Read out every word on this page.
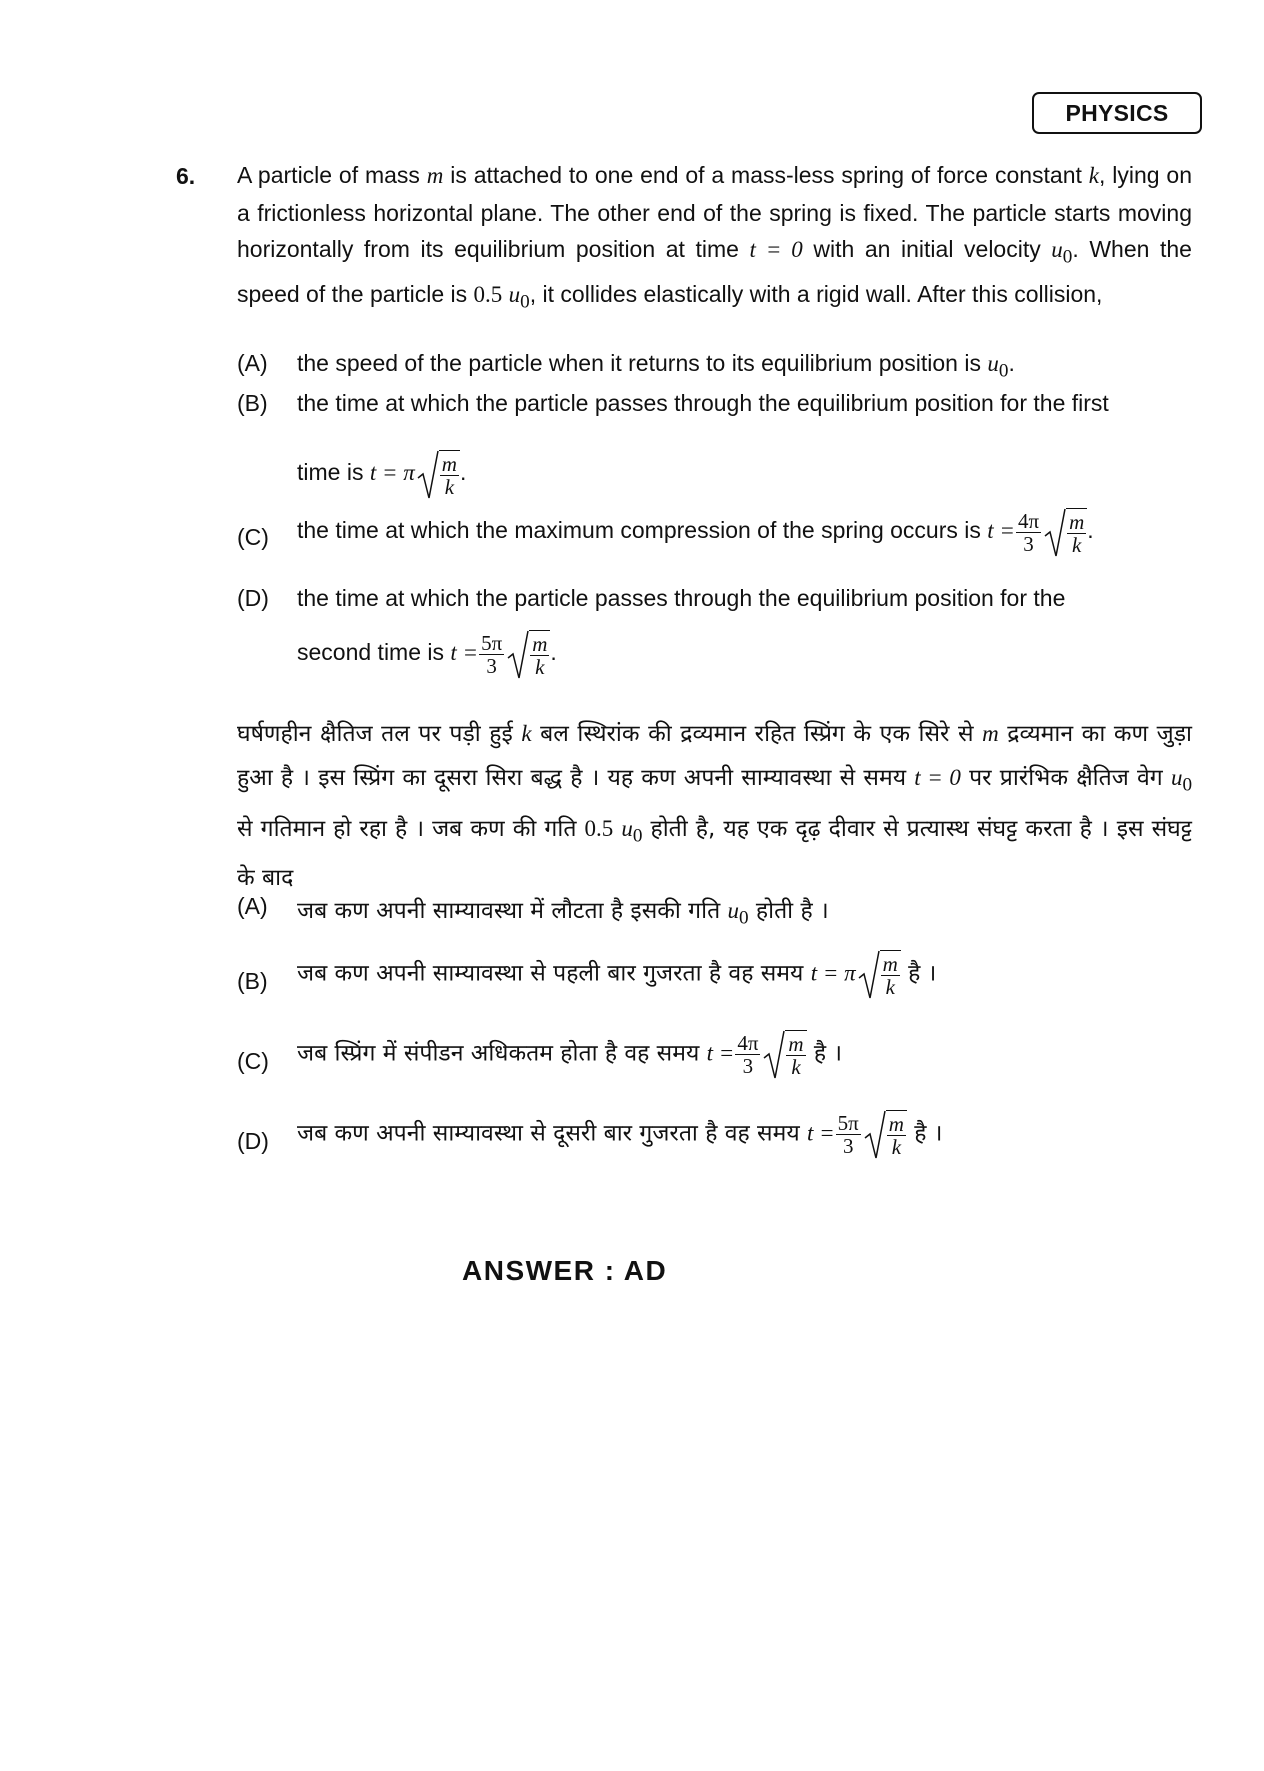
PHYSICS
6. A particle of mass m is attached to one end of a mass-less spring of force constant k, lying on a frictionless horizontal plane. The other end of the spring is fixed. The particle starts moving horizontally from its equilibrium position at time t = 0 with an initial velocity $u_0$. When the speed of the particle is 0.5 $u_0$, it collides elastically with a rigid wall. After this collision,
(A) the speed of the particle when it returns to its equilibrium position is $u_0$.
(B) the time at which the particle passes through the equilibrium position for the first
time is t = π $\frac{m}{k}$ .
(C) the time at which the maximum compression of the spring occurs is $t = \frac{4\pi}{3} \frac{m}{k}$ .
(D) the time at which the particle passes through the equilibrium position for the
second time is $t = \frac{5\pi}{3} \frac{m}{k}$ .
घर्षणहीन क्षैतिज तल पर पड़ी हुई k बल स्थिरांक की द्रव्यमान रहित स्प्रिंग के एक सिरे से m द्रव्यमान का कण जुड़ा हुआ है । इस स्प्रिंग का दूसरा सिरा बद्ध है । यह कण अपनी साम्यावस्था से समय t = 0 पर प्रारंभिक क्षैतिज वेग $u_0$ से गतिमान हो रहा है । जब कण की गति 0.5 $u_0$ होती है, यह एक दृढ़ दीवार से प्रत्यास्थ संघट्ट करता है । इस संघट्ट के बाद
(A) जब कण अपनी साम्यावस्था में लौटता है इसकी गति $u_0$ होती है ।
(B) जब कण अपनी साम्यावस्था से पहली बार गुजरता है वह समय t = π $\frac{m}{k}$ है ।
(C) जब स्प्रिंग में संपीडन अधिकतम होता है वह समय $t = \frac{4\pi}{3} \frac{m}{k}$ है ।
(D) जब कण अपनी साम्यावस्था से दूसरी बार गुजरता है वह समय $t = \frac{5\pi}{3} \frac{m}{k}$ है ।
ANSWER : AD
